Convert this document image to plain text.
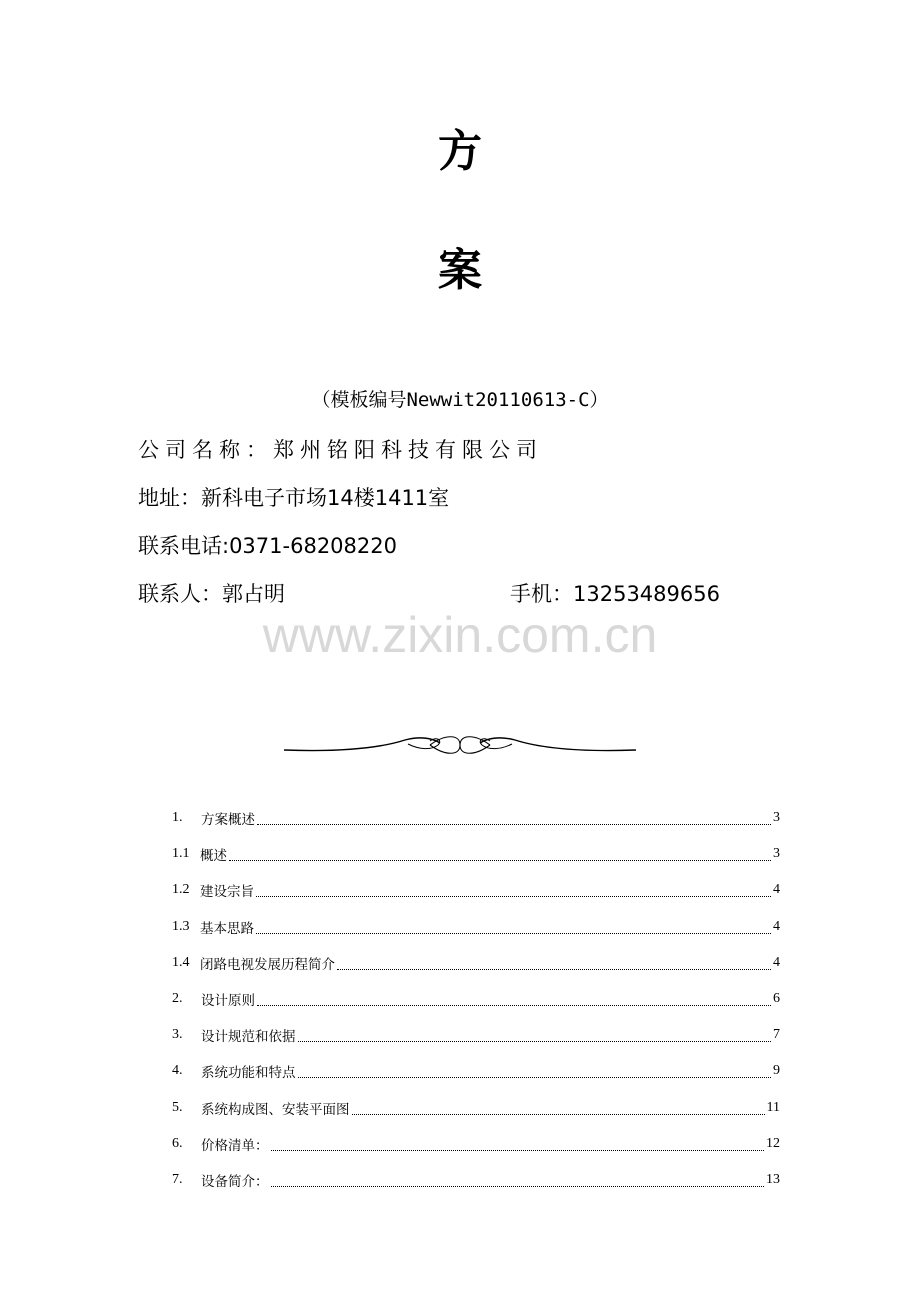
方
案
（模板编号Newwit20110613-C）
公司名称：郑州铭阳科技有限公司
地址：新科电子市场14楼1411室
联系电话:0371-68208220
联系人：郭占明	手机：13253489656
www.zixin.com.cn
1.	方案概述	3
1.1 概述	3
1.2 建设宗旨	4
1.3 基本思路	4
1.4 闭路电视发展历程简介	4
2.	设计原则	6
3.	设计规范和依据	7
4.	系统功能和特点	9
5.	系统构成图、安装平面图	11
6.	价格清单：	12
7.	设备简介：	13
